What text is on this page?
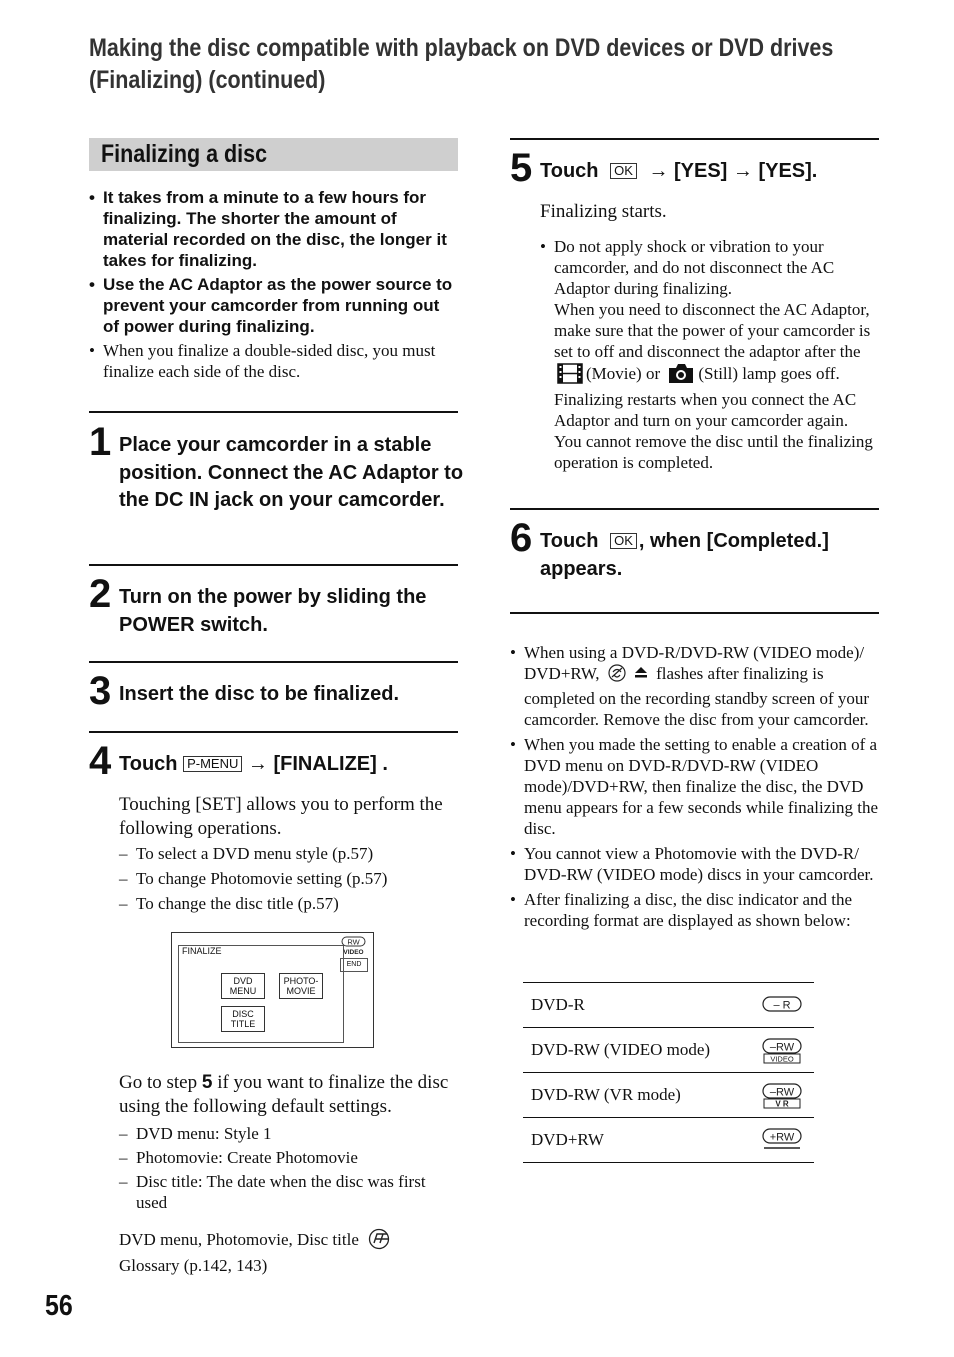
Making the disc compatible with playback on DVD devices or DVD drives
(Finalizing) (continued)
Finalizing a disc
• It takes from a minute to a few hours for finalizing. The shorter the amount of material recorded on the disc, the longer it takes for finalizing.
• Use the AC Adaptor as the power source to prevent your camcorder from running out of power during finalizing.
• When you finalize a double-sided disc, you must finalize each side of the disc.
1 Place your camcorder in a stable position. Connect the AC Adaptor to the DC IN jack on your camcorder.
2 Turn on the power by sliding the POWER switch.
3 Insert the disc to be finalized.
4 Touch P-MENU → [FINALIZE] .
Touching [SET] allows you to perform the following operations.
– To select a DVD menu style (p.57)
– To change Photomovie setting (p.57)
– To change the disc title (p.57)
FINALIZE
RW
VIDEO
END
DVD
MENU
PHOTO-
MOVIE
DISC
TITLE
Go to step 5 if you want to finalize the disc using the following default settings.
– DVD menu: Style 1
– Photomovie: Create Photomovie
– Disc title: The date when the disc was first used
DVD menu, Photomovie, Disc title
Glossary (p.142, 143)
56
5 Touch OK → [YES] → [YES].
Finalizing starts.
• Do not apply shock or vibration to your camcorder, and do not disconnect the AC Adaptor during finalizing.
When you need to disconnect the AC Adaptor, make sure that the power of your camcorder is set to off and disconnect the adaptor after the (Movie) or (Still) lamp goes off. Finalizing restarts when you connect the AC Adaptor and turn on your camcorder again.
You cannot remove the disc until the finalizing operation is completed.
6 Touch OK , when [Completed.] appears.
• When using a DVD-R/DVD-RW (VIDEO mode)/ DVD+RW,	flashes after finalizing is completed on the recording standby screen of your camcorder. Remove the disc from your camcorder.
• When you made the setting to enable a creation of a DVD menu on DVD-R/DVD-RW (VIDEO mode)/DVD+RW, then finalize the disc, the DVD menu appears for a few seconds while finalizing the disc.
• You cannot view a Photomovie with the DVD-R/ DVD-RW (VIDEO mode) discs in your camcorder.
• After finalizing a disc, the disc indicator and the recording format are displayed as shown below:
DVD-R	– R
DVD-RW (VIDEO mode)	–RW
VIDEO
DVD-RW (VR mode)	–RW
V R
DVD+RW	+RW
